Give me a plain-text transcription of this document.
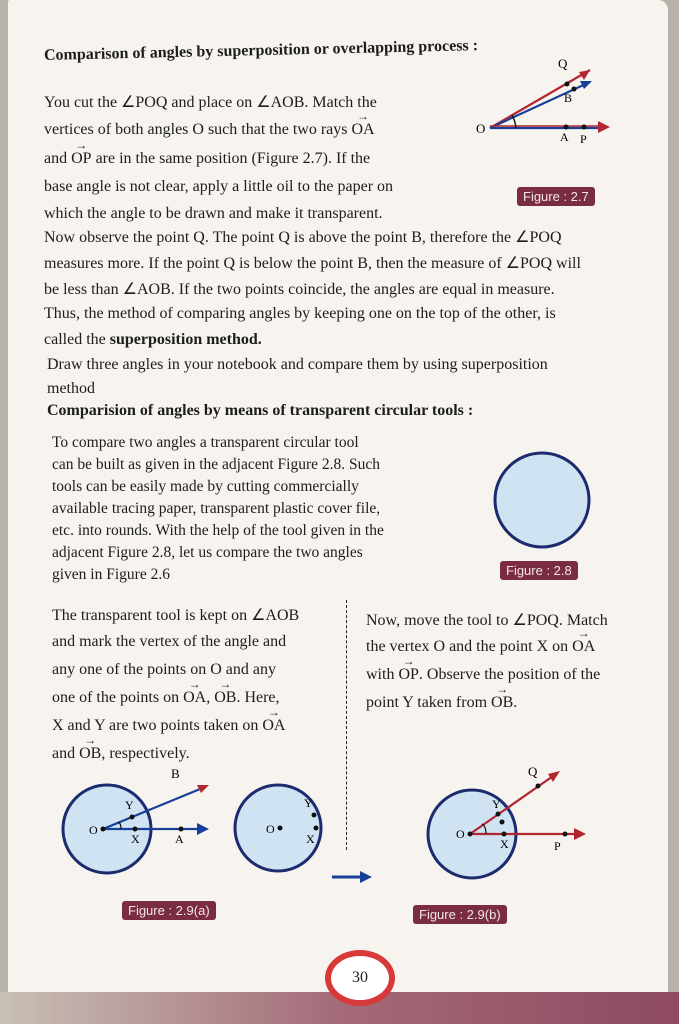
Comparison of angles by superposition or overlapping process :
You cut the ∠POQ and place on ∠AOB. Match the
vertices of both angles O such that the two rays → OA
and → OP are in the same position (Figure 2.7). If the
base angle is not clear, apply a little oil to the paper on
which the angle to be drawn and make it transparent.
O
Q
B
A P
Figure : 2.7
Now observe the point Q. The point Q is above the point B, therefore the ∠POQ
measures more. If the point Q is below the point B, then the measure of ∠POQ will
be less than ∠AOB. If the two points coincide, the angles are equal in measure.
Thus, the method of comparing angles by keeping one on the top of the other, is
called the superposition method.
Draw three angles in your notebook and compare them by using superposition
method
Comparision of angles by means of transparent circular tools :
To compare two angles a transparent circular tool
can be built as given in the adjacent Figure 2.8. Such
tools can be easily made by cutting commercially
available tracing paper, transparent plastic cover file,
etc. into rounds. With the help of the tool given in the
adjacent Figure 2.8, let us compare the two angles
given in Figure 2.6	Figure : 2.8
The transparent tool is kept on ∠AOB
and mark the vertex of the angle and
any one of the points on O and any
one of the points on → OA, → OB. Here,
X and Y are two points taken on → OA
and → OB, respectively.
Now, move the tool to ∠POQ. Match
the vertex O and the point X on → OA
with → OP. Observe the position of the
point Y taken from → OB.
O
Y
X	A
B
O
Y
X	O
Y
X
Q
P
Figure : 2.9(a)	Figure : 2.9(b)
30
